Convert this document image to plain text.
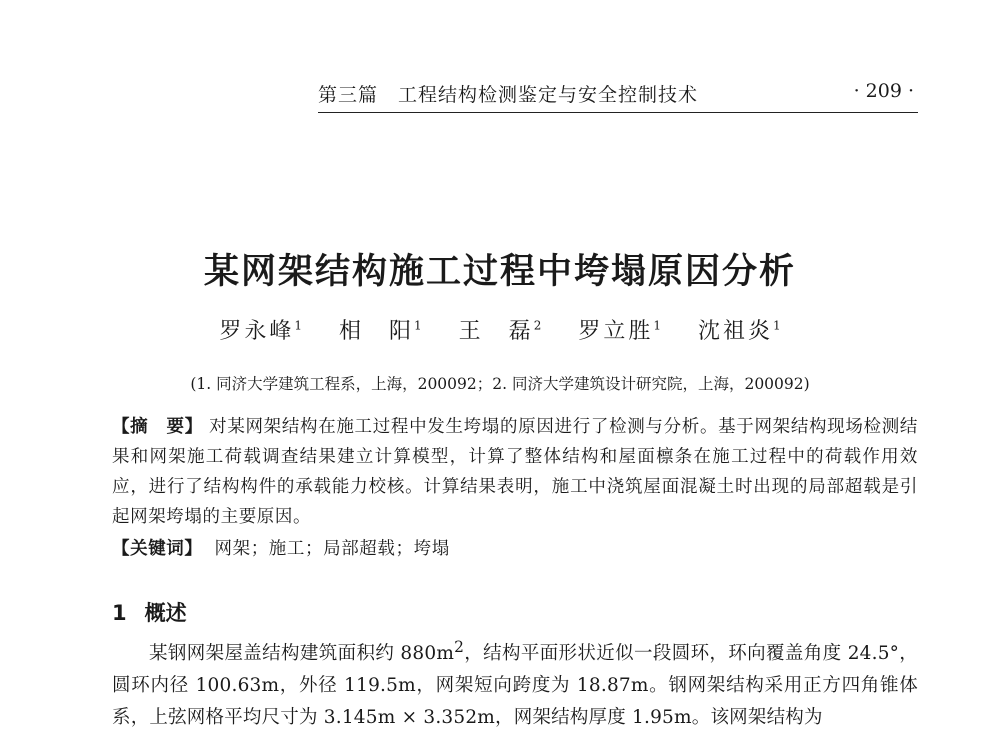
第三篇　工程结构检测鉴定与安全控制技术	· 209 ·
某网架结构施工过程中垮塌原因分析
罗永峰$^1$ 相　阳$^1$ 王　磊$^2$ 罗立胜$^1$ 沈祖炎$^1$
(1. 同济大学建筑工程系，上海，200092；2. 同济大学建筑设计研究院，上海，200092)
【摘　要】 对某网架结构在施工过程中发生垮塌的原因进行了检测与分析。基于网架结构现场检测结果和网架施工荷载调查结果建立计算模型，计算了整体结构和屋面檩条在施工过程中的荷载作用效应，进行了结构构件的承载能力校核。计算结果表明，施工中浇筑屋面混凝土时出现的局部超载是引起网架垮塌的主要原因。
【关键词】 网架；施工；局部超载；垮塌
1 概述
某钢网架屋盖结构建筑面积约 $880m^2$，结构平面形状近似一段圆环，环向覆盖角度 24.5°，圆环内径 100.63m，外径 119.5m，网架短向跨度为 18.87m。钢网架结构采用正方四角锥体系，上弦网格平均尺寸为 3.145m × 3.352m，网架结构厚度 1.95m。该网架结构为
